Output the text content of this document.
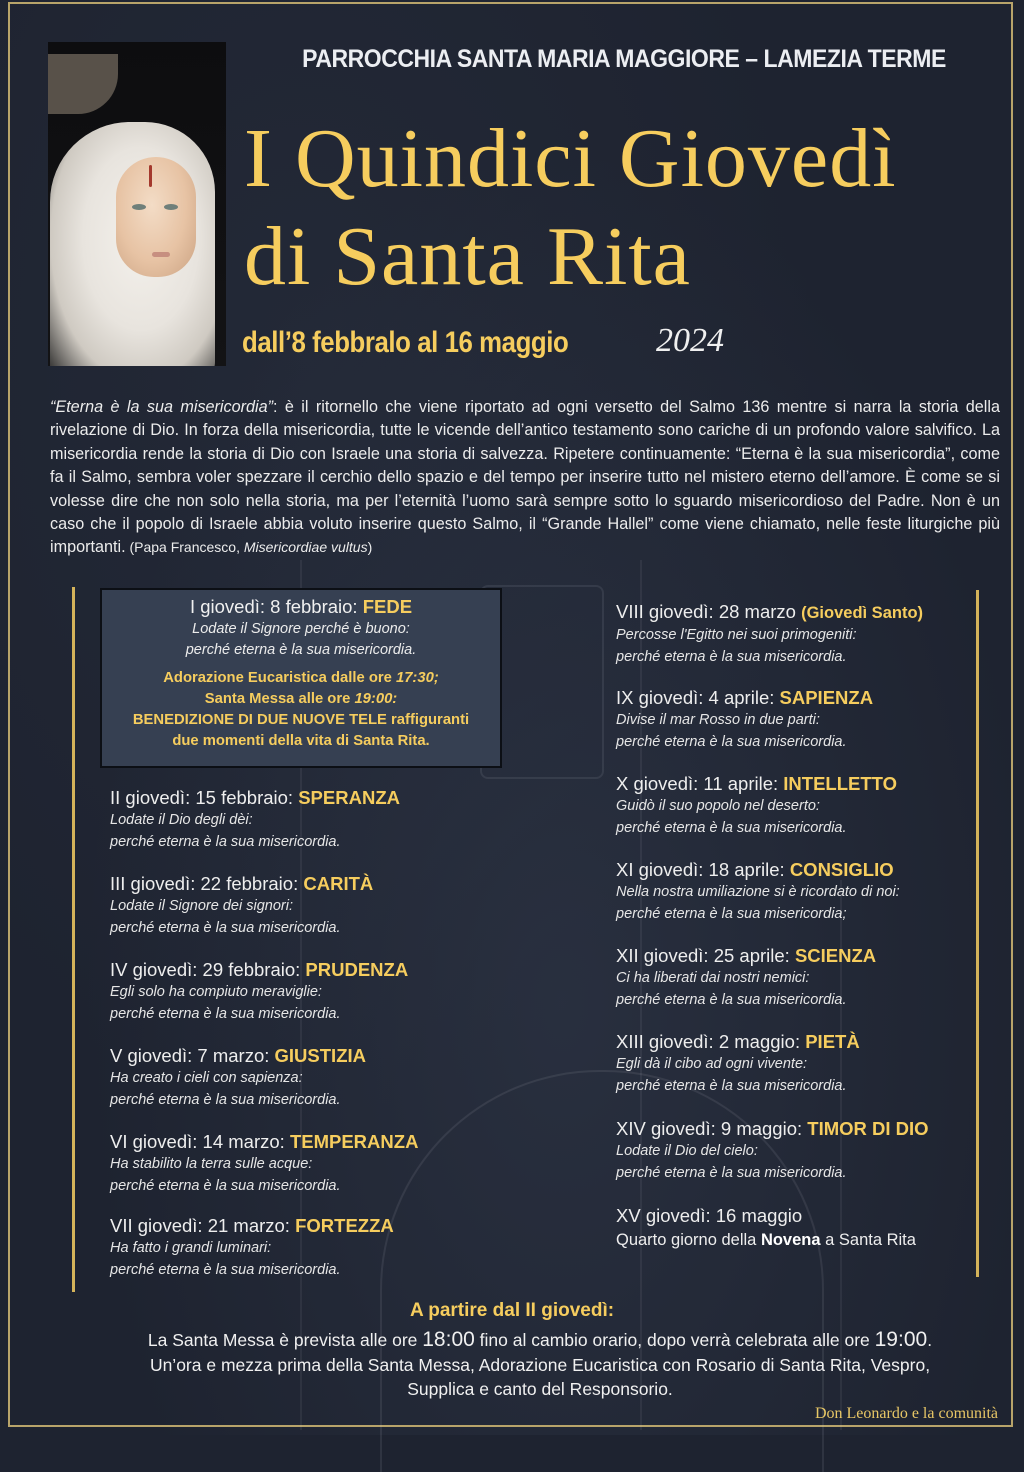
PARROCCHIA SANTA MARIA MAGGIORE – LAMEZIA TERME
I Quindici Giovedì
di Santa Rita
dall’8 febbralo al 16 maggio	2024
“Eterna è la sua misericordia”: è il ritornello che viene riportato ad ogni versetto del Salmo 136 mentre si narra la storia della rivelazione di Dio. In forza della misericordia, tutte le vicende dell’antico testamento sono cariche di un profondo valore salvifico. La misericordia rende la storia di Dio con Israele una storia di salvezza. Ripetere continuamente: “Eterna è la sua misericordia”, come fa il Salmo, sembra voler spezzare il cerchio dello spazio e del tempo per inserire tutto nel mistero eterno dell’amore. È come se si volesse dire che non solo nella storia, ma per l’eternità l’uomo sarà sempre sotto lo sguardo misericordioso del Padre. Non è un caso che il popolo di Israele abbia voluto inserire questo Salmo, il “Grande Hallel” come viene chiamato, nelle feste liturgiche più importanti. (Papa Francesco, Misericordiae vultus)
I giovedì: 8 febbraio: FEDE
Lodate il Signore perché è buono:
perché eterna è la sua misericordia.
Adorazione Eucaristica dalle ore 17:30;
Santa Messa alle ore 19:00:
BENEDIZIONE DI DUE NUOVE TELE raffiguranti
due momenti della vita di Santa Rita.
II giovedì: 15 febbraio: SPERANZA
Lodate il Dio degli dèi:
perché eterna è la sua misericordia.
III giovedì: 22 febbraio: CARITÀ
Lodate il Signore dei signori:
perché eterna è la sua misericordia.
IV giovedì: 29 febbraio: PRUDENZA
Egli solo ha compiuto meraviglie:
perché eterna è la sua misericordia.
V giovedì: 7 marzo: GIUSTIZIA
Ha creato i cieli con sapienza:
perché eterna è la sua misericordia.
VI giovedì: 14 marzo: TEMPERANZA
Ha stabilito la terra sulle acque:
perché eterna è la sua misericordia.
VII giovedì: 21 marzo: FORTEZZA
Ha fatto i grandi luminari:
perché eterna è la sua misericordia.
VIII giovedì: 28 marzo (Giovedì Santo)
Percosse l'Egitto nei suoi primogeniti:
perché eterna è la sua misericordia.
IX giovedì: 4 aprile: SAPIENZA
Divise il mar Rosso in due parti:
perché eterna è la sua misericordia.
X giovedì: 11 aprile: INTELLETTO
Guidò il suo popolo nel deserto:
perché eterna è la sua misericordia.
XI giovedì: 18 aprile: CONSIGLIO
Nella nostra umiliazione si è ricordato di noi:
perché eterna è la sua misericordia;
XII giovedì: 25 aprile: SCIENZA
Ci ha liberati dai nostri nemici:
perché eterna è la sua misericordia.
XIII giovedì: 2 maggio: PIETÀ
Egli dà il cibo ad ogni vivente:
perché eterna è la sua misericordia.
XIV giovedì: 9 maggio: TIMOR DI DIO
Lodate il Dio del cielo:
perché eterna è la sua misericordia.
XV giovedì: 16 maggio
Quarto giorno della Novena a Santa Rita
A partire dal II giovedì:
La Santa Messa è prevista alle ore 18:00 fino al cambio orario, dopo verrà celebrata alle ore 19:00.
Un’ora e mezza prima della Santa Messa, Adorazione Eucaristica con Rosario di Santa Rita, Vespro,
Supplica e canto del Responsorio.
Don Leonardo e la comunità
